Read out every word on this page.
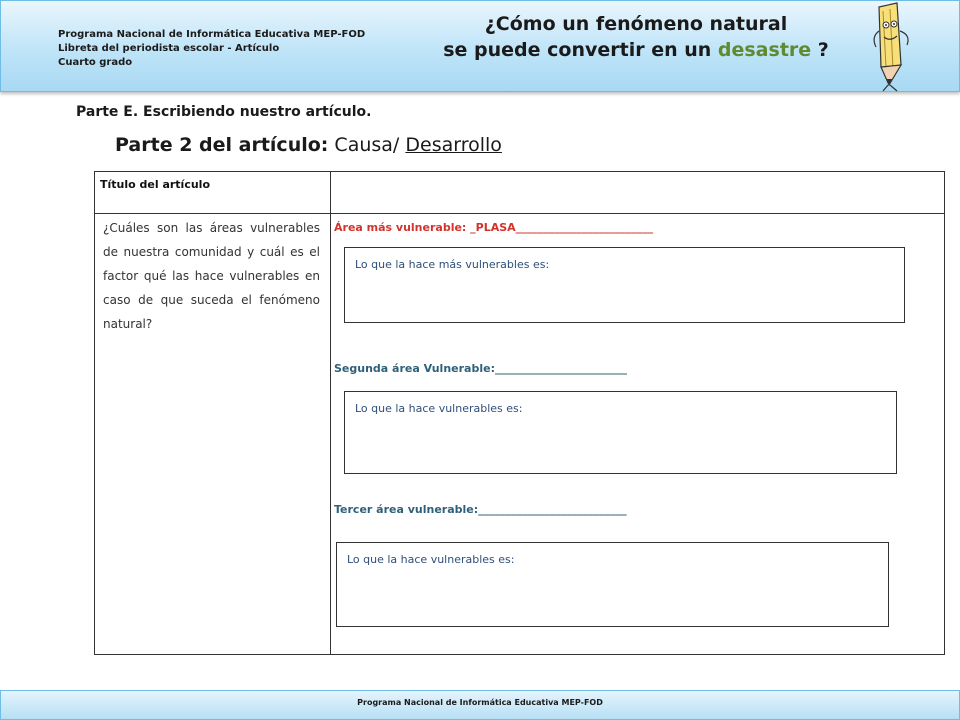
Programa Nacional de Informática Educativa MEP-FOD
Libreta del periodista escolar - Artículo
Cuarto grado
¿Cómo un fenómeno natural
se puede convertir en un desastre ?
Parte E. Escribiendo nuestro artículo.
Parte 2 del artículo: Causa/ Desarrollo
Título del artículo
¿Cuáles son las áreas vulnerables de nuestra comunidad y cuál es el factor qué las hace vulnerables en caso de que suceda el fenómeno natural?
Área más vulnerable: _PLASA_________________________
Lo que la hace más vulnerables es:
Segunda área Vulnerable:________________________
Lo que la hace vulnerables es:
Tercer área vulnerable:___________________________
Lo que la hace vulnerables es:
Programa Nacional de Informática Educativa MEP-FOD
